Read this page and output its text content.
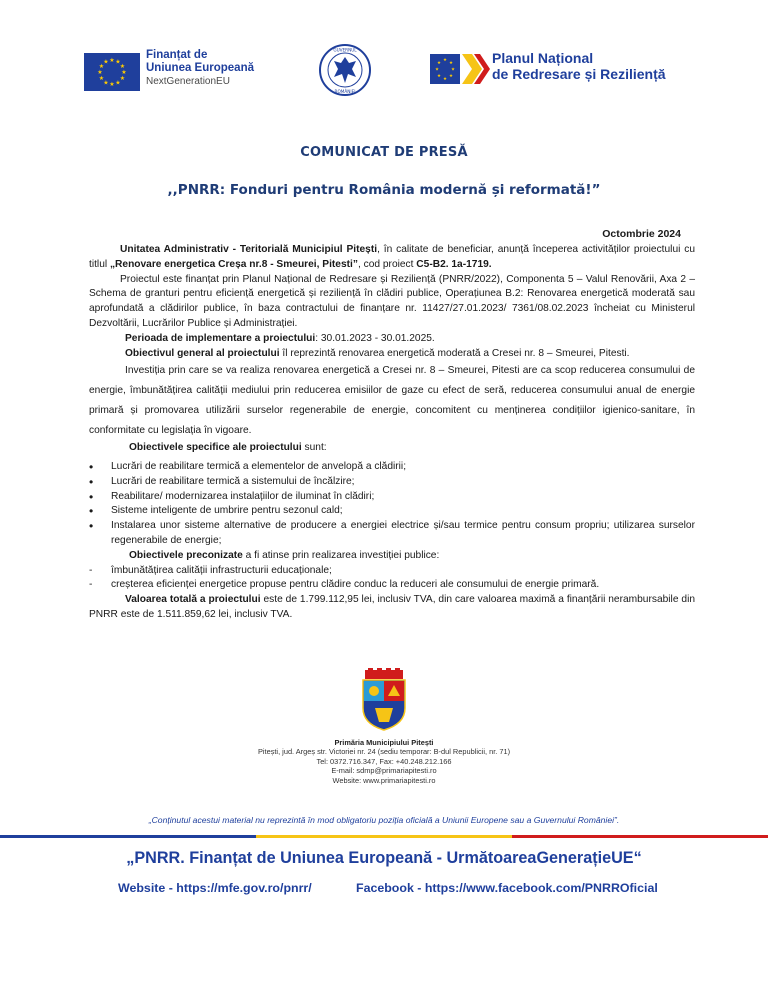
★ ★
★
★
★
★
★
★
★
★
★
★
Finanțat de
Uniunea Europeană
NextGenerationEU
GUVERNUL
ROMÂNIEI
★
★
★
★
★
★
★
★	Planul Național
de Redresare și Reziliență
COMUNICAT DE PRESĂ
,,PNRR: Fonduri pentru România modernă și reformată!”
Octombrie 2024

Unitatea Administrativ - Teritorială Municipiul Pitești, în calitate de beneficiar, anunță începerea activităților proiectului cu titlul „Renovare energetica Creșa nr.8 - Smeurei, Pitesti”, cod proiect C5-B2. 1a-1719.

Proiectul este finanțat prin Planul Național de Redresare și Reziliență (PNRR/2022), Componenta 5 – Valul Renovării, Axa 2 – Schema de granturi pentru eficiență energetică și reziliență în clădiri publice, Operațiunea B.2: Renovarea energetică moderată sau aprofundată a clădirilor publice, în baza contractului de finanțare nr. 11427/27.01.2023/ 7361/08.02.2023 încheiat cu Ministerul Dezvoltării, Lucrărilor Publice și Administrației.

Perioada de implementare a proiectului: 30.01.2023 - 30.01.2025.

Obiectivul general al proiectului îl reprezintă renovarea energetică moderată a Cresei nr. 8 – Smeurei, Pitesti.

Investiția prin care se va realiza renovarea energetică a Cresei nr. 8 – Smeurei, Pitesti are ca scop reducerea consumului de energie, îmbunătățirea calității mediului prin reducerea emisiilor de gaze cu efect de seră, reducerea consumului anual de energie primară și promovarea utilizării surselor regenerabile de energie, concomitent cu menținerea condițiilor igienico-sanitare, în conformitate cu legislația în vigoare.

Obiectivele specifice ale proiectului sunt:

• Lucrări de reabilitare termică a elementelor de anvelopă a clădirii;
• Lucrări de reabilitare termică a sistemului de încălzire;
• Reabilitare/ modernizarea instalațiilor de iluminat în clădiri;
• Sisteme inteligente de umbrire pentru sezonul cald;
• Instalarea unor sisteme alternative de producere a energiei electrice și/sau termice pentru consum propriu; utilizarea surselor regenerabile de energie;

Obiectivele preconizate a fi atinse prin realizarea investiției publice:

- îmbunătățirea calității infrastructurii educaționale;
- creșterea eficienței energetice propuse pentru clădire conduc la reduceri ale consumului de energie primară.

Valoarea totală a proiectului este de 1.799.112,95 lei, inclusiv TVA, din care valoarea maximă a finanțării nerambursabile din PNRR este de 1.511.859,62 lei, inclusiv TVA.

Primăria Municipiului Pitești
Pitești, jud. Argeș str. Victoriei nr. 24 (sediu temporar: B-dul Republicii, nr. 71)
Tel: 0372.716.347, Fax: +40.248.212.166
E-mail: sdmp@primariapitesti.ro
Website: www.primariapitesti.ro
„Conținutul acestui material nu reprezintă în mod obligatoriu poziția oficială a Uniunii Europene sau a Guvernului României”.
„PNRR. Finanțat de Uniunea Europeană - UrmătoareaGenerațieUE“
Website - https://mfe.gov.ro/pnrr/	Facebook - https://www.facebook.com/PNRROficial
